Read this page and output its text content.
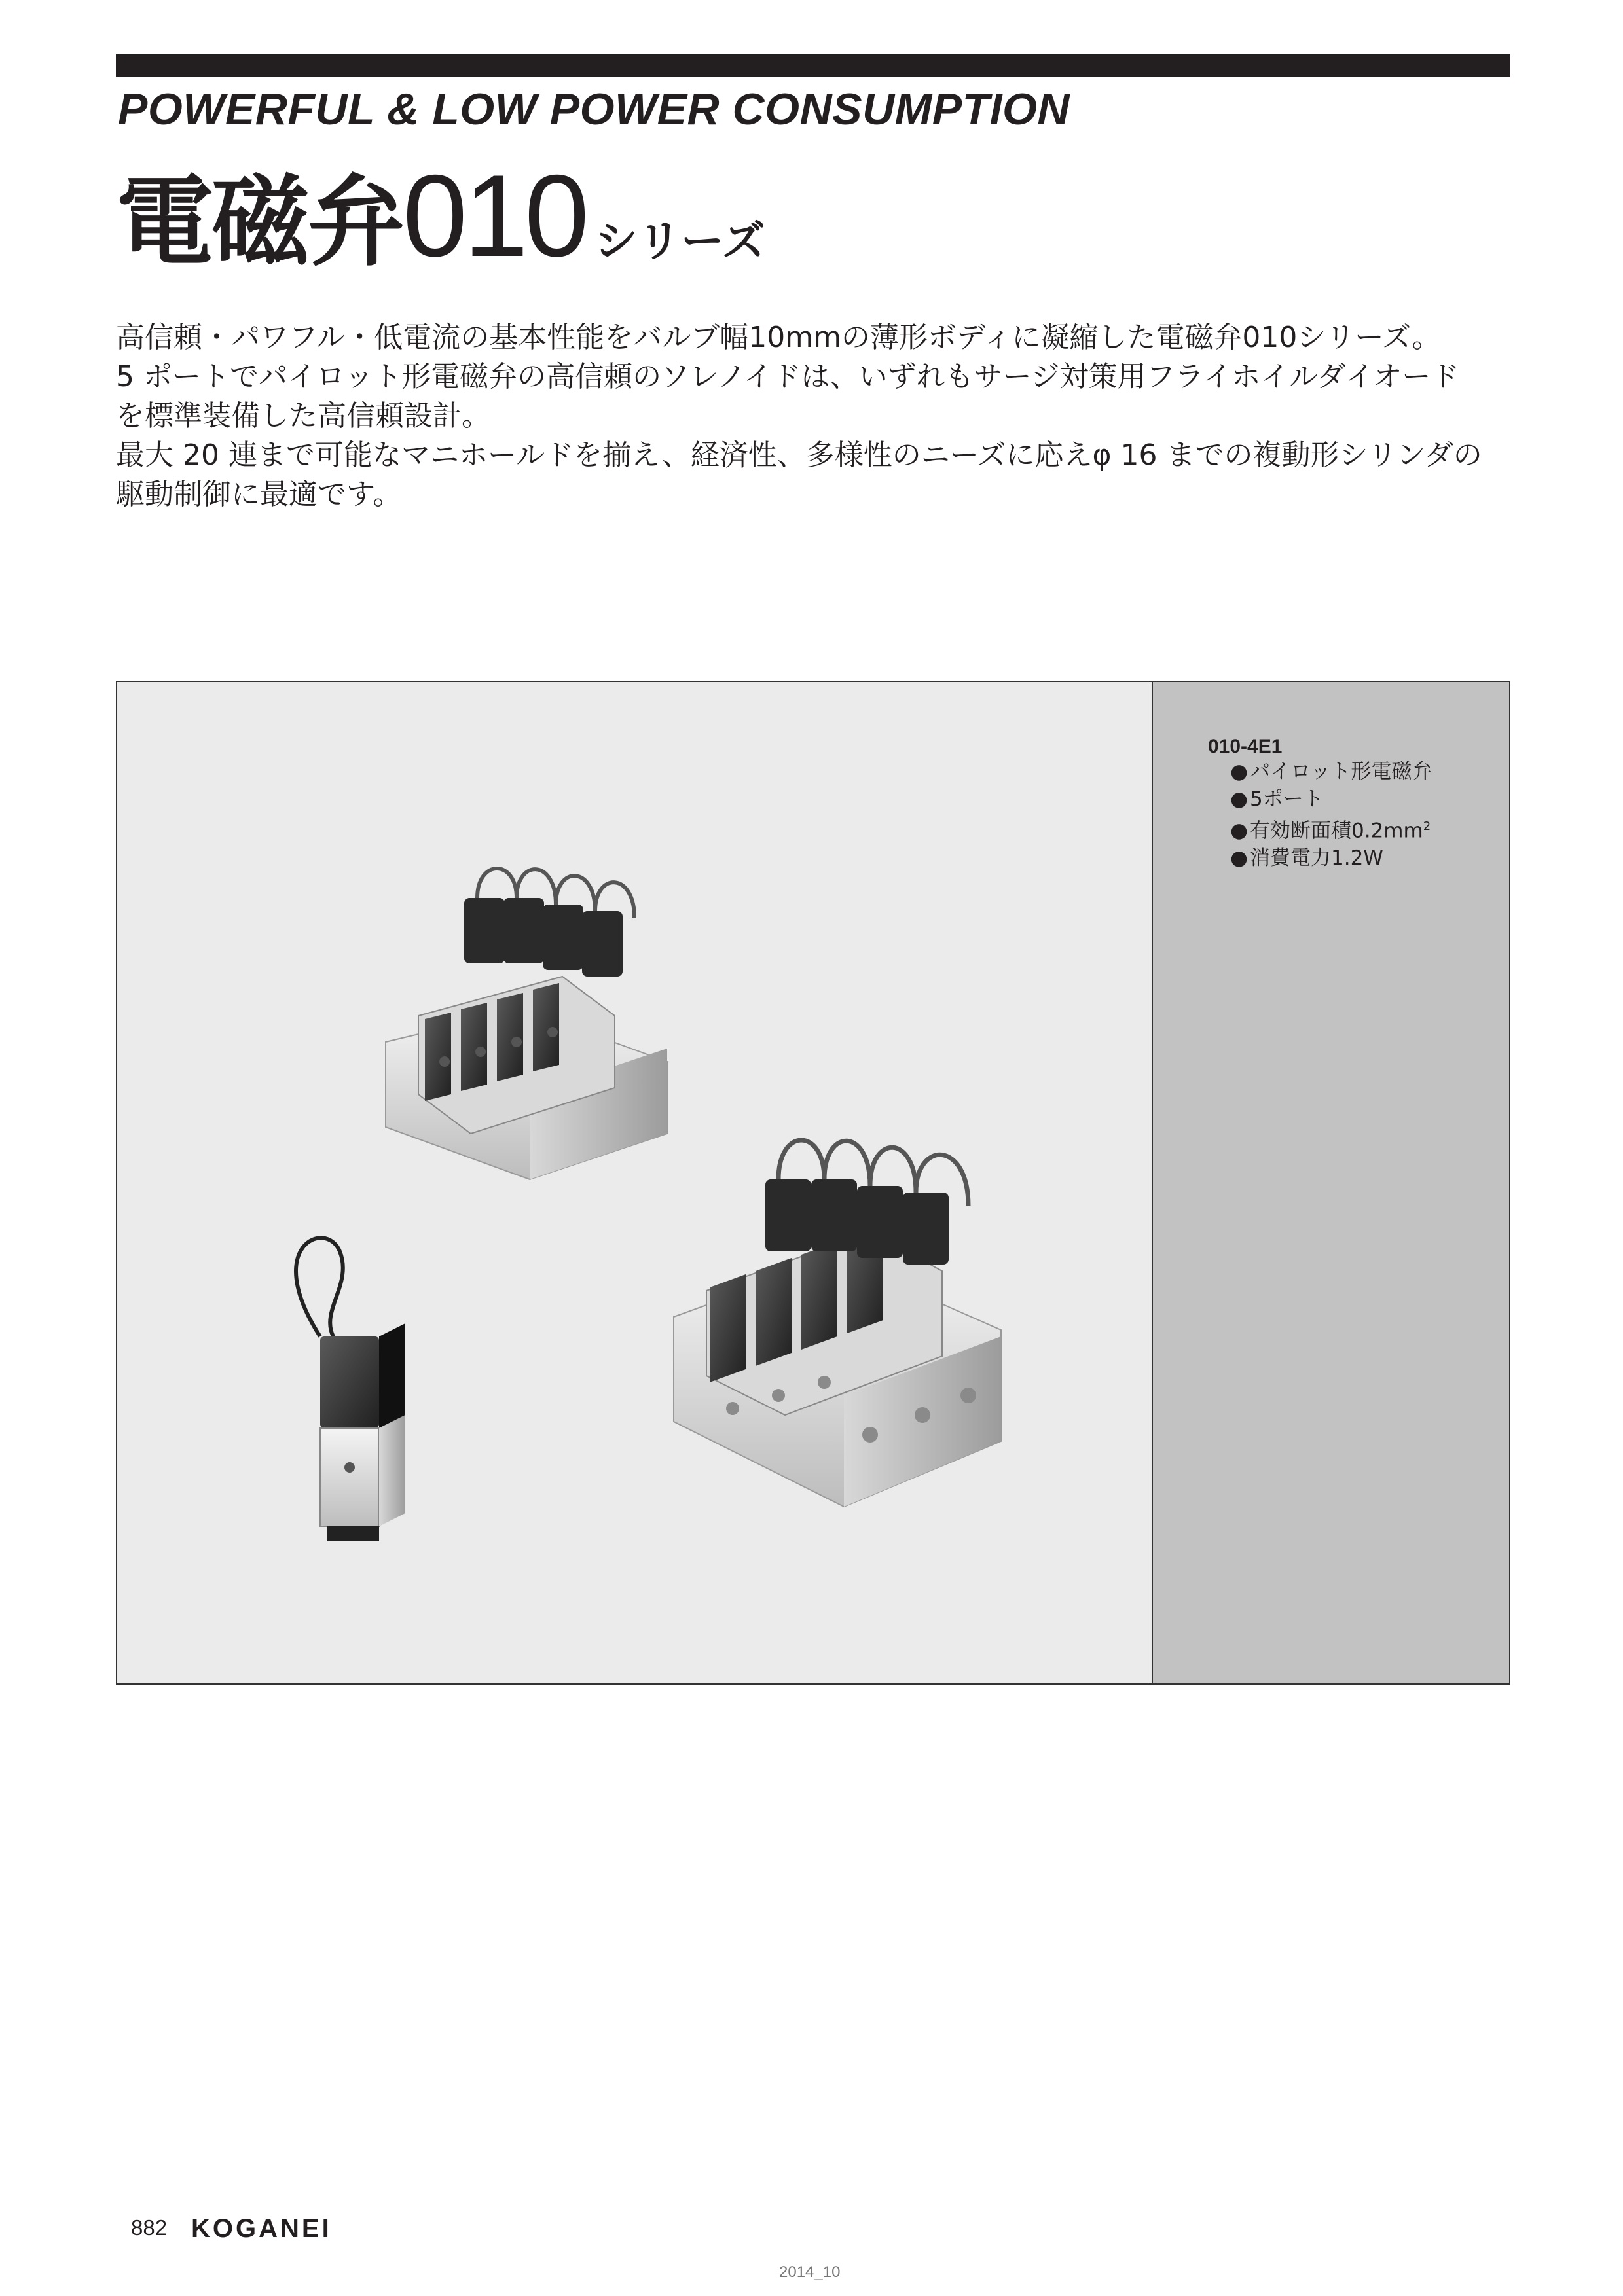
POWERFUL & LOW POWER CONSUMPTION
電磁弁010 シリーズ

高信頼・パワフル・低電流の基本性能をバルブ幅10mmの薄形ボディに凝縮した電磁弁010シリーズ。

5 ポートでパイロット形電磁弁の高信頼のソレノイドは、いずれもサージ対策用フライホイルダイオード

を標準装備した高信頼設計。

最大 20 連まで可能なマニホールドを揃え、経済性、多様性のニーズに応えφ 16 までの複動形シリンダの

駆動制御に最適です。

010-4E1
●パイロット形電磁弁
●5ポート
●有効断面積$0.2mm^2$
●消費電力1.2W
882 KOGANEI
2014_10
